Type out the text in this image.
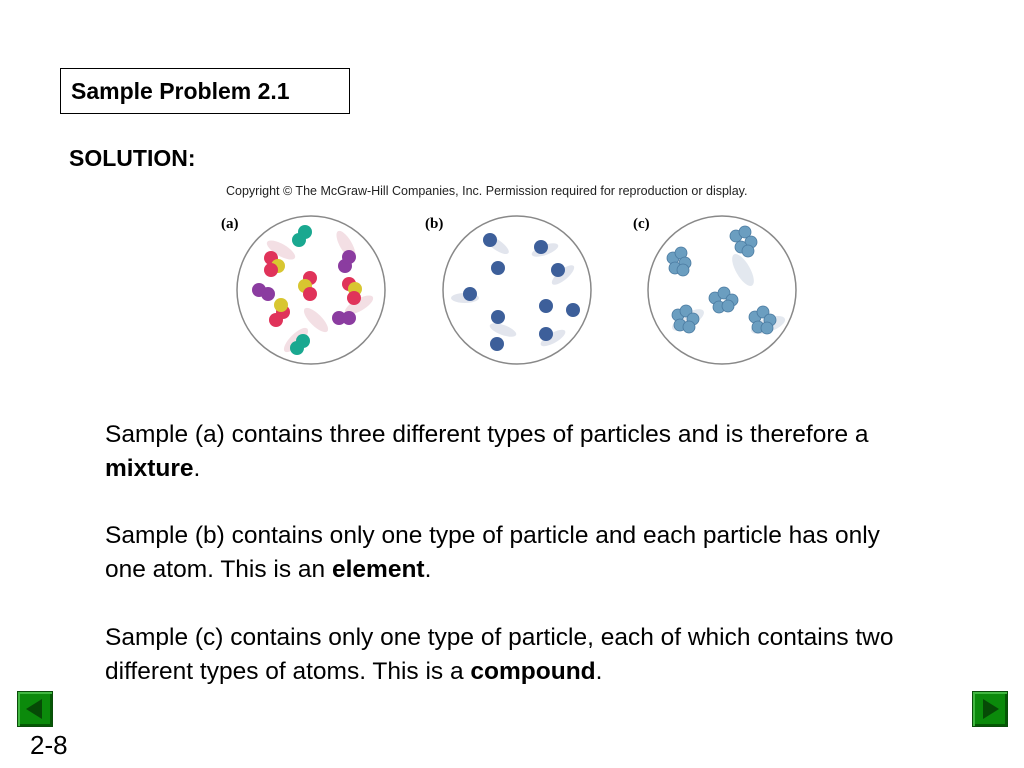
Sample Problem 2.1
SOLUTION:
Copyright © The McGraw-Hill Companies, Inc. Permission required for reproduction or display.
(a)	(b)	(c)
Sample (a) contains three different types of particles and is therefore a mixture.
Sample (b) contains only one type of particle and each particle has only one atom. This is an element.
Sample (c) contains only one type of particle, each of which contains two different types of atoms. This is a compound.
2-8
